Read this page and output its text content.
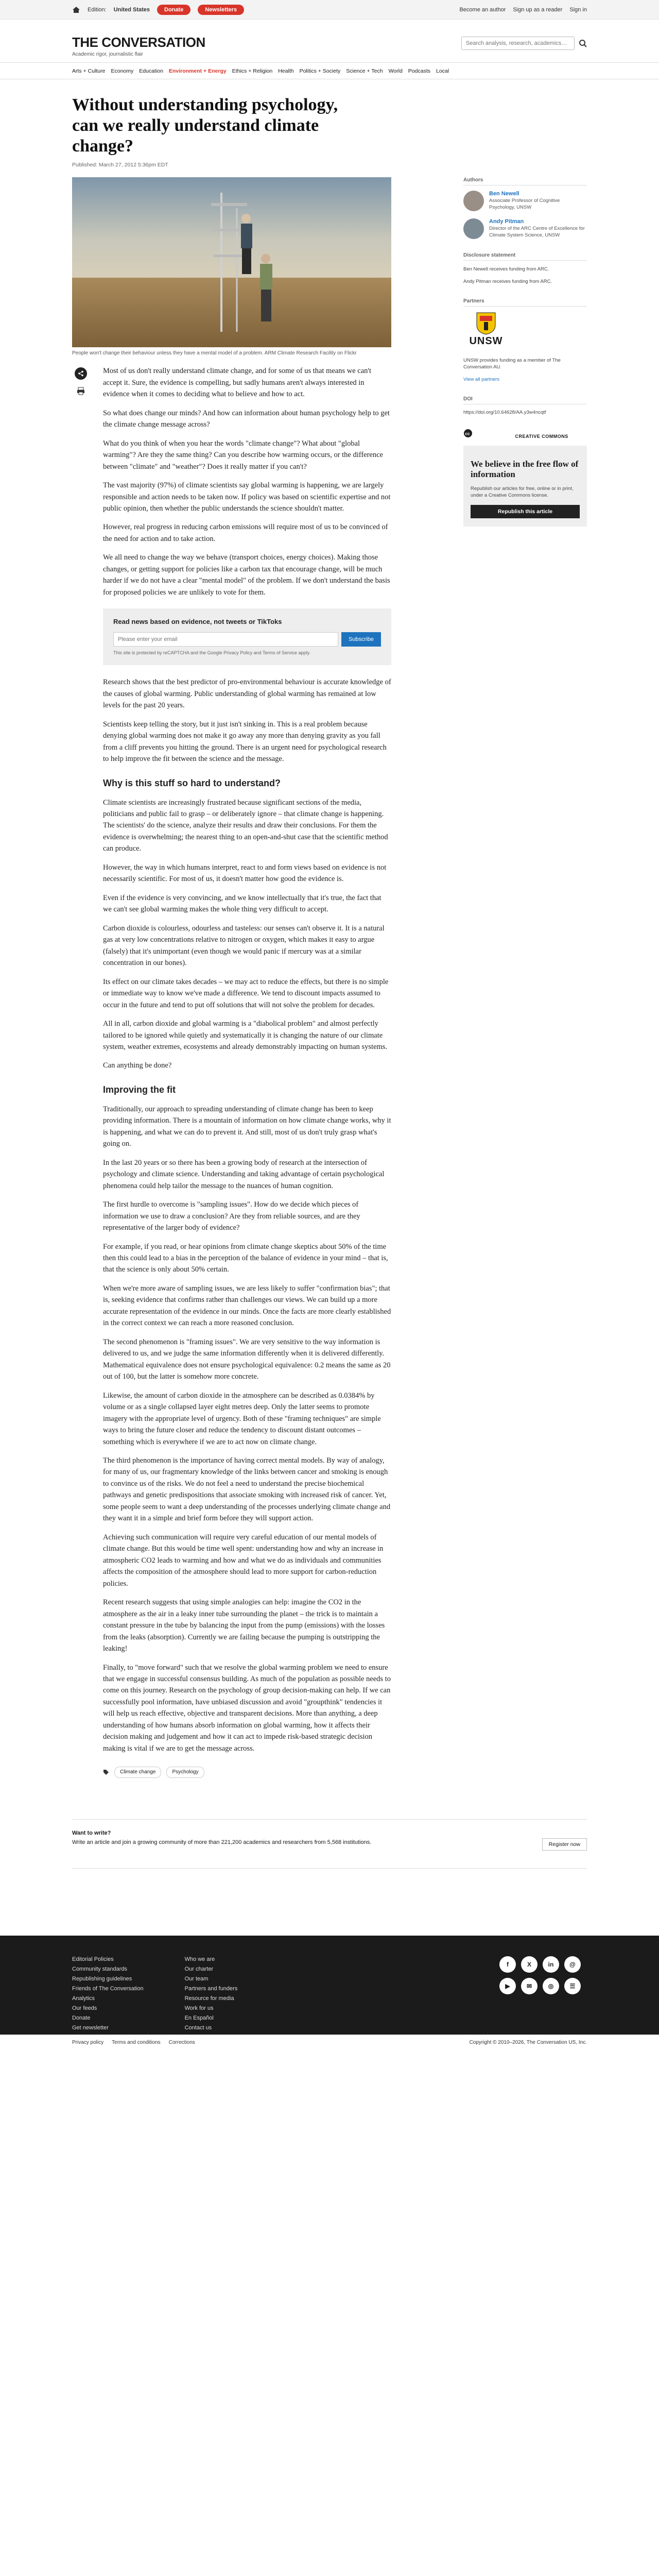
Edition: United States	Donate	Newsletters	Become an author Sign up as a reader Sign in
THE CONVERSATION
Academic rigor, journalistic flair
Search analysis, research, academics…
Arts + Culture Economy Education Environment + Energy Ethics + Religion Health Politics + Society Science + Tech World Podcasts Local
Without understanding psychology, can we really understand climate change?
Published: March 27, 2012 5:36pm EDT
People won't change their behaviour unless they have a mental model of a problem. ARM Climate Research Facility on Flickr

Most of us don't really understand climate change, and for some of us that means we can't accept it. Sure, the evidence is compelling, but sadly humans aren't always interested in evidence when it comes to deciding what to believe and how to act.

So what does change our minds? And how can information about human psychology help to get the climate change message across?

What do you think of when you hear the words "climate change"? What about "global warming"? Are they the same thing? Can you describe how warming occurs, or the difference between "climate" and "weather"? Does it really matter if you can't?

The vast majority (97%) of climate scientists say global warming is happening, we are largely responsible and action needs to be taken now. If policy was based on scientific expertise and not public opinion, then whether the public understands the science shouldn't matter.

However, real progress in reducing carbon emissions will require most of us to be convinced of the need for action and to take action.

We all need to change the way we behave (transport choices, energy choices). Making those changes, or getting support for policies like a carbon tax that encourage change, will be much harder if we do not have a clear "mental model" of the problem. If we don't understand the basis for proposed policies we are unlikely to vote for them.

Read news based on evidence, not tweets or TikToks
Please enter your email
Subscribe
This site is protected by reCAPTCHA and the Google Privacy Policy and Terms of Service apply.

Research shows that the best predictor of pro-environmental behaviour is accurate knowledge of the causes of global warming. Public understanding of global warming has remained at low levels for the past 20 years.

Scientists keep telling the story, but it just isn't sinking in. This is a real problem because denying global warming does not make it go away any more than denying gravity as you fall from a cliff prevents you hitting the ground. There is an urgent need for psychological research to help improve the fit between the science and the message.

Why is this stuff so hard to understand?

Climate scientists are increasingly frustrated because significant sections of the media, politicians and public fail to grasp – or deliberately ignore – that climate change is happening. The scientists' do the science, analyze their results and draw their conclusions. For them the evidence is overwhelming; the nearest thing to an open-and-shut case that the scientific method can produce.

However, the way in which humans interpret, react to and form views based on evidence is not necessarily scientific. For most of us, it doesn't matter how good the evidence is.

Even if the evidence is very convincing, and we know intellectually that it's true, the fact that we can't see global warming makes the whole thing very difficult to accept.

Carbon dioxide is colourless, odourless and tasteless: our senses can't observe it. It is a natural gas at very low concentrations relative to nitrogen or oxygen, which makes it easy to argue (falsely) that it's unimportant (even though we would panic if mercury was at a similar concentration in our bones).

Its effect on our climate takes decades – we may act to reduce the effects, but there is no simple or immediate way to know we've made a difference. We tend to discount impacts assumed to occur in the future and tend to put off solutions that will not solve the problem for decades.

All in all, carbon dioxide and global warming is a "diabolical problem" and almost perfectly tailored to be ignored while quietly and systematically it is changing the nature of our climate system, weather extremes, ecosystems and already demonstrably impacting on human systems.

Can anything be done?

Improving the fit

Traditionally, our approach to spreading understanding of climate change has been to keep providing information. There is a mountain of information on how climate change works, why it is happening, and what we can do to prevent it. And still, most of us don't truly grasp what's going on.

In the last 20 years or so there has been a growing body of research at the intersection of psychology and climate science. Understanding and taking advantage of certain psychological phenomena could help tailor the message to the nuances of human cognition.

The first hurdle to overcome is "sampling issues". How do we decide which pieces of information we use to draw a conclusion? Are they from reliable sources, and are they representative of the larger body of evidence?

For example, if you read, or hear opinions from climate change skeptics about 50% of the time then this could lead to a bias in the perception of the balance of evidence in your mind – that is, that the science is only about 50% certain.

When we're more aware of sampling issues, we are less likely to suffer "confirmation bias"; that is, seeking evidence that confirms rather than challenges our views. We can build up a more accurate representation of the evidence in our minds. Once the facts are more clearly established in the correct context we can reach a more reasoned conclusion.

The second phenomenon is "framing issues". We are very sensitive to the way information is delivered to us, and we judge the same information differently when it is delivered differently. Mathematical equivalence does not ensure psychological equivalence: 0.2 means the same as 20 out of 100, but the latter is somehow more concrete.

Likewise, the amount of carbon dioxide in the atmosphere can be described as 0.0384% by volume or as a single collapsed layer eight metres deep. Only the latter seems to promote imagery with the appropriate level of urgency. Both of these "framing techniques" are simple ways to bring the future closer and reduce the tendency to discount distant outcomes – something which is everywhere if we are to act now on climate change.

The third phenomenon is the importance of having correct mental models. By way of analogy, for many of us, our fragmentary knowledge of the links between cancer and smoking is enough to convince us of the risks. We do not feel a need to understand the precise biochemical pathways and genetic predispositions that associate smoking with increased risk of cancer. Yet, some people seem to want a deep understanding of the processes underlying climate change and they want it in a simple and brief form before they will support action.

Achieving such communication will require very careful education of our mental models of climate change. But this would be time well spent: understanding how and why an increase in atmospheric CO2 leads to warming and how and what we do as individuals and communities affects the composition of the atmosphere should lead to more support for carbon-reduction policies.

Recent research suggests that using simple analogies can help: imagine the CO2 in the atmosphere as the air in a leaky inner tube surrounding the planet – the trick is to maintain a constant pressure in the tube by balancing the input from the pump (emissions) with the losses from the leaks (absorption). Currently we are failing because the pumping is outstripping the leaking!

Finally, to "move forward" such that we resolve the global warming problem we need to ensure that we engage in successful consensus building. As much of the population as possible needs to come on this journey. Research on the psychology of group decision-making can help. If we can successfully pool information, have unbiased discussion and avoid "groupthink" tendencies it will help us reach effective, objective and transparent decisions. More than anything, a deep understanding of how humans absorb information on global warming, how it affects their decision making and judgement and how it can act to impede risk-based strategic decision making is vital if we are to get the message across.

Climate change	Psychology
Authors
Ben Newell
Associate Professor of Cognitive Psychology, UNSW
Andy Pitman
Director of the ARC Centre of Excellence for Climate System Science, UNSW
Disclosure statement
Ben Newell receives funding from ARC.
Andy Pitman receives funding from ARC.
Partners
UNSW
UNSW provides funding as a member of The Conversation AU.
View all partners
DOI
https://doi.org/10.64628/AA.y3w4ncqtf
cc	CREATIVE COMMONS
We believe in the free flow of information
Republish our articles for free, online or in print, under a Creative Commons license.
Republish this article
Want to write?
Write an article and join a growing community of more than 221,200 academics and researchers from 5,568 institutions.	Register now
Editorial Policies
Community standards
Republishing guidelines
Friends of The Conversation
Analytics
Our feeds
Donate
Get newsletter
Who we are
Our charter
Our team
Partners and funders
Resource for media
Work for us
En Español
Contact us
f	X	in	@
▶	✉	◎	☰
Privacy policy Terms and conditions Corrections	Copyright © 2010–2026, The Conversation US, Inc.
